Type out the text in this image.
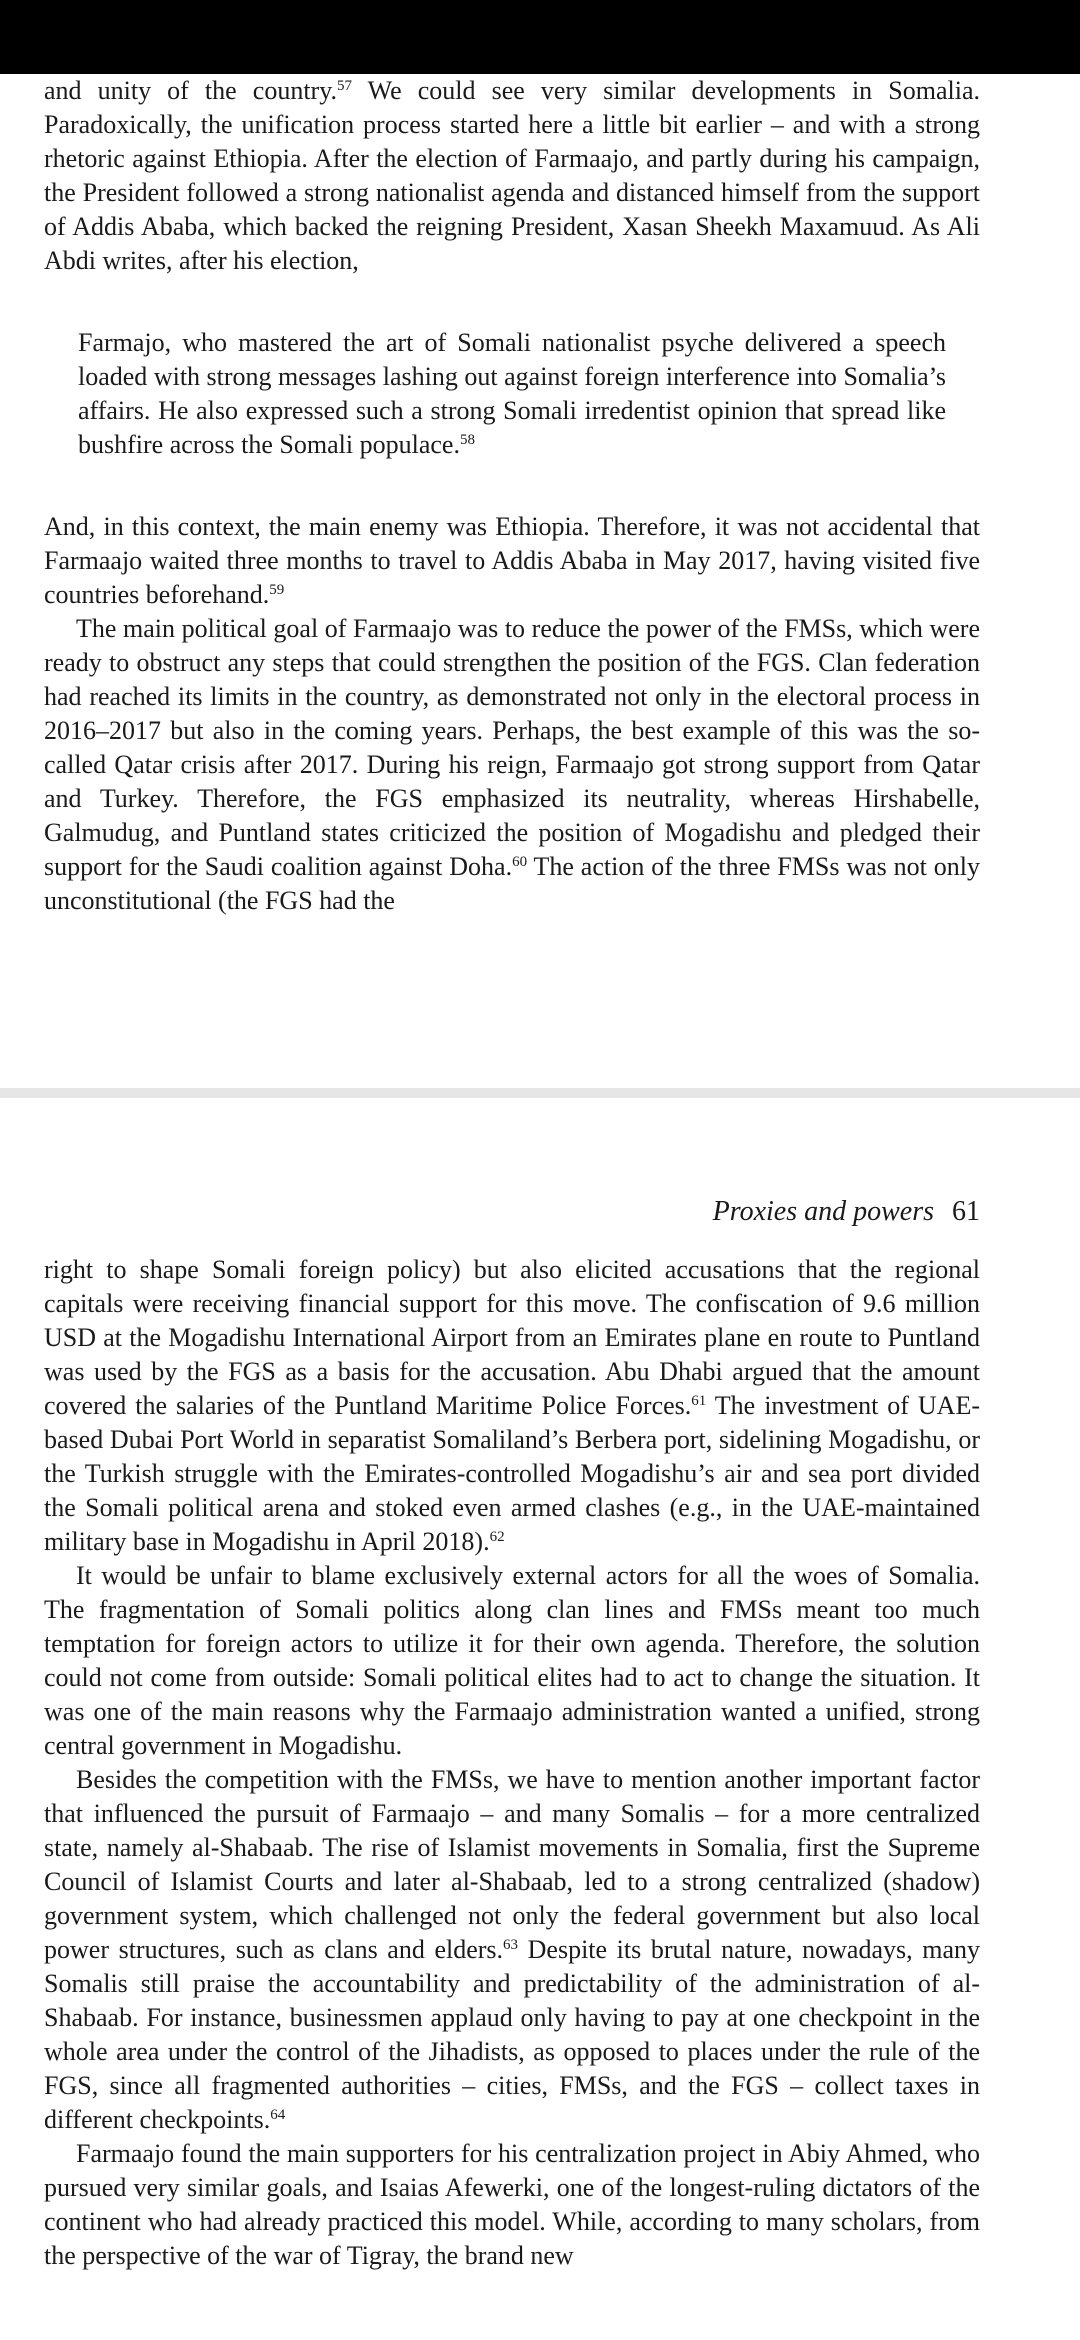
and unity of the country.$^{57}$ We could see very similar developments in Somalia. Paradoxically, the unification process started here a little bit earlier – and with a strong rhetoric against Ethiopia. After the election of Farmaajo, and partly during his campaign, the President followed a strong nationalist agenda and distanced himself from the support of Addis Ababa, which backed the reigning President, Xasan Sheekh Maxamuud. As Ali Abdi writes, after his election,

Farmajo, who mastered the art of Somali nationalist psyche delivered a speech loaded with strong messages lashing out against foreign interference into Somalia’s affairs. He also expressed such a strong Somali irredentist opinion that spread like bushfire across the Somali populace.$^{58}$

And, in this context, the main enemy was Ethiopia. Therefore, it was not accidental that Farmaajo waited three months to travel to Addis Ababa in May 2017, having visited five countries beforehand.$^{59}$

The main political goal of Farmaajo was to reduce the power of the FMSs, which were ready to obstruct any steps that could strengthen the position of the FGS. Clan federation had reached its limits in the country, as demonstrated not only in the electoral process in 2016–2017 but also in the coming years. Perhaps, the best example of this was the so-called Qatar crisis after 2017. During his reign, Farmaajo got strong support from Qatar and Turkey. Therefore, the FGS emphasized its neutrality, whereas Hirshabelle, Galmudug, and Puntland states criticized the position of Mogadishu and pledged their support for the Saudi coalition against Doha.$^{60}$ The action of the three FMSs was not only unconstitutional (the FGS had the

Proxies and powers 61

right to shape Somali foreign policy) but also elicited accusations that the regional capitals were receiving financial support for this move. The confiscation of 9.6 million USD at the Mogadishu International Airport from an Emirates plane en route to Puntland was used by the FGS as a basis for the accusation. Abu Dhabi argued that the amount covered the salaries of the Puntland Maritime Police Forces.$^{61}$ The investment of UAE-based Dubai Port World in separatist Somaliland’s Berbera port, sidelining Mogadishu, or the Turkish struggle with the Emirates-controlled Mogadishu’s air and sea port divided the Somali political arena and stoked even armed clashes (e.g., in the UAE-maintained military base in Mogadishu in April 2018).$^{62}$

It would be unfair to blame exclusively external actors for all the woes of Somalia. The fragmentation of Somali politics along clan lines and FMSs meant too much temptation for foreign actors to utilize it for their own agenda. Therefore, the solution could not come from outside: Somali political elites had to act to change the situation. It was one of the main reasons why the Farmaajo administration wanted a unified, strong central government in Mogadishu.

Besides the competition with the FMSs, we have to mention another important factor that influenced the pursuit of Farmaajo – and many Somalis – for a more centralized state, namely al-Shabaab. The rise of Islamist movements in Somalia, first the Supreme Council of Islamist Courts and later al-Shabaab, led to a strong centralized (shadow) government system, which challenged not only the federal government but also local power structures, such as clans and elders.$^{63}$ Despite its brutal nature, nowadays, many Somalis still praise the accountability and predictability of the administration of al-Shabaab. For instance, businessmen applaud only having to pay at one checkpoint in the whole area under the control of the Jihadists, as opposed to places under the rule of the FGS, since all fragmented authorities – cities, FMSs, and the FGS – collect taxes in different checkpoints.$^{64}$

Farmaajo found the main supporters for his centralization project in Abiy Ahmed, who pursued very similar goals, and Isaias Afewerki, one of the longest-ruling dictators of the continent who had already practiced this model. While, according to many scholars, from the perspective of the war of Tigray, the brand new
